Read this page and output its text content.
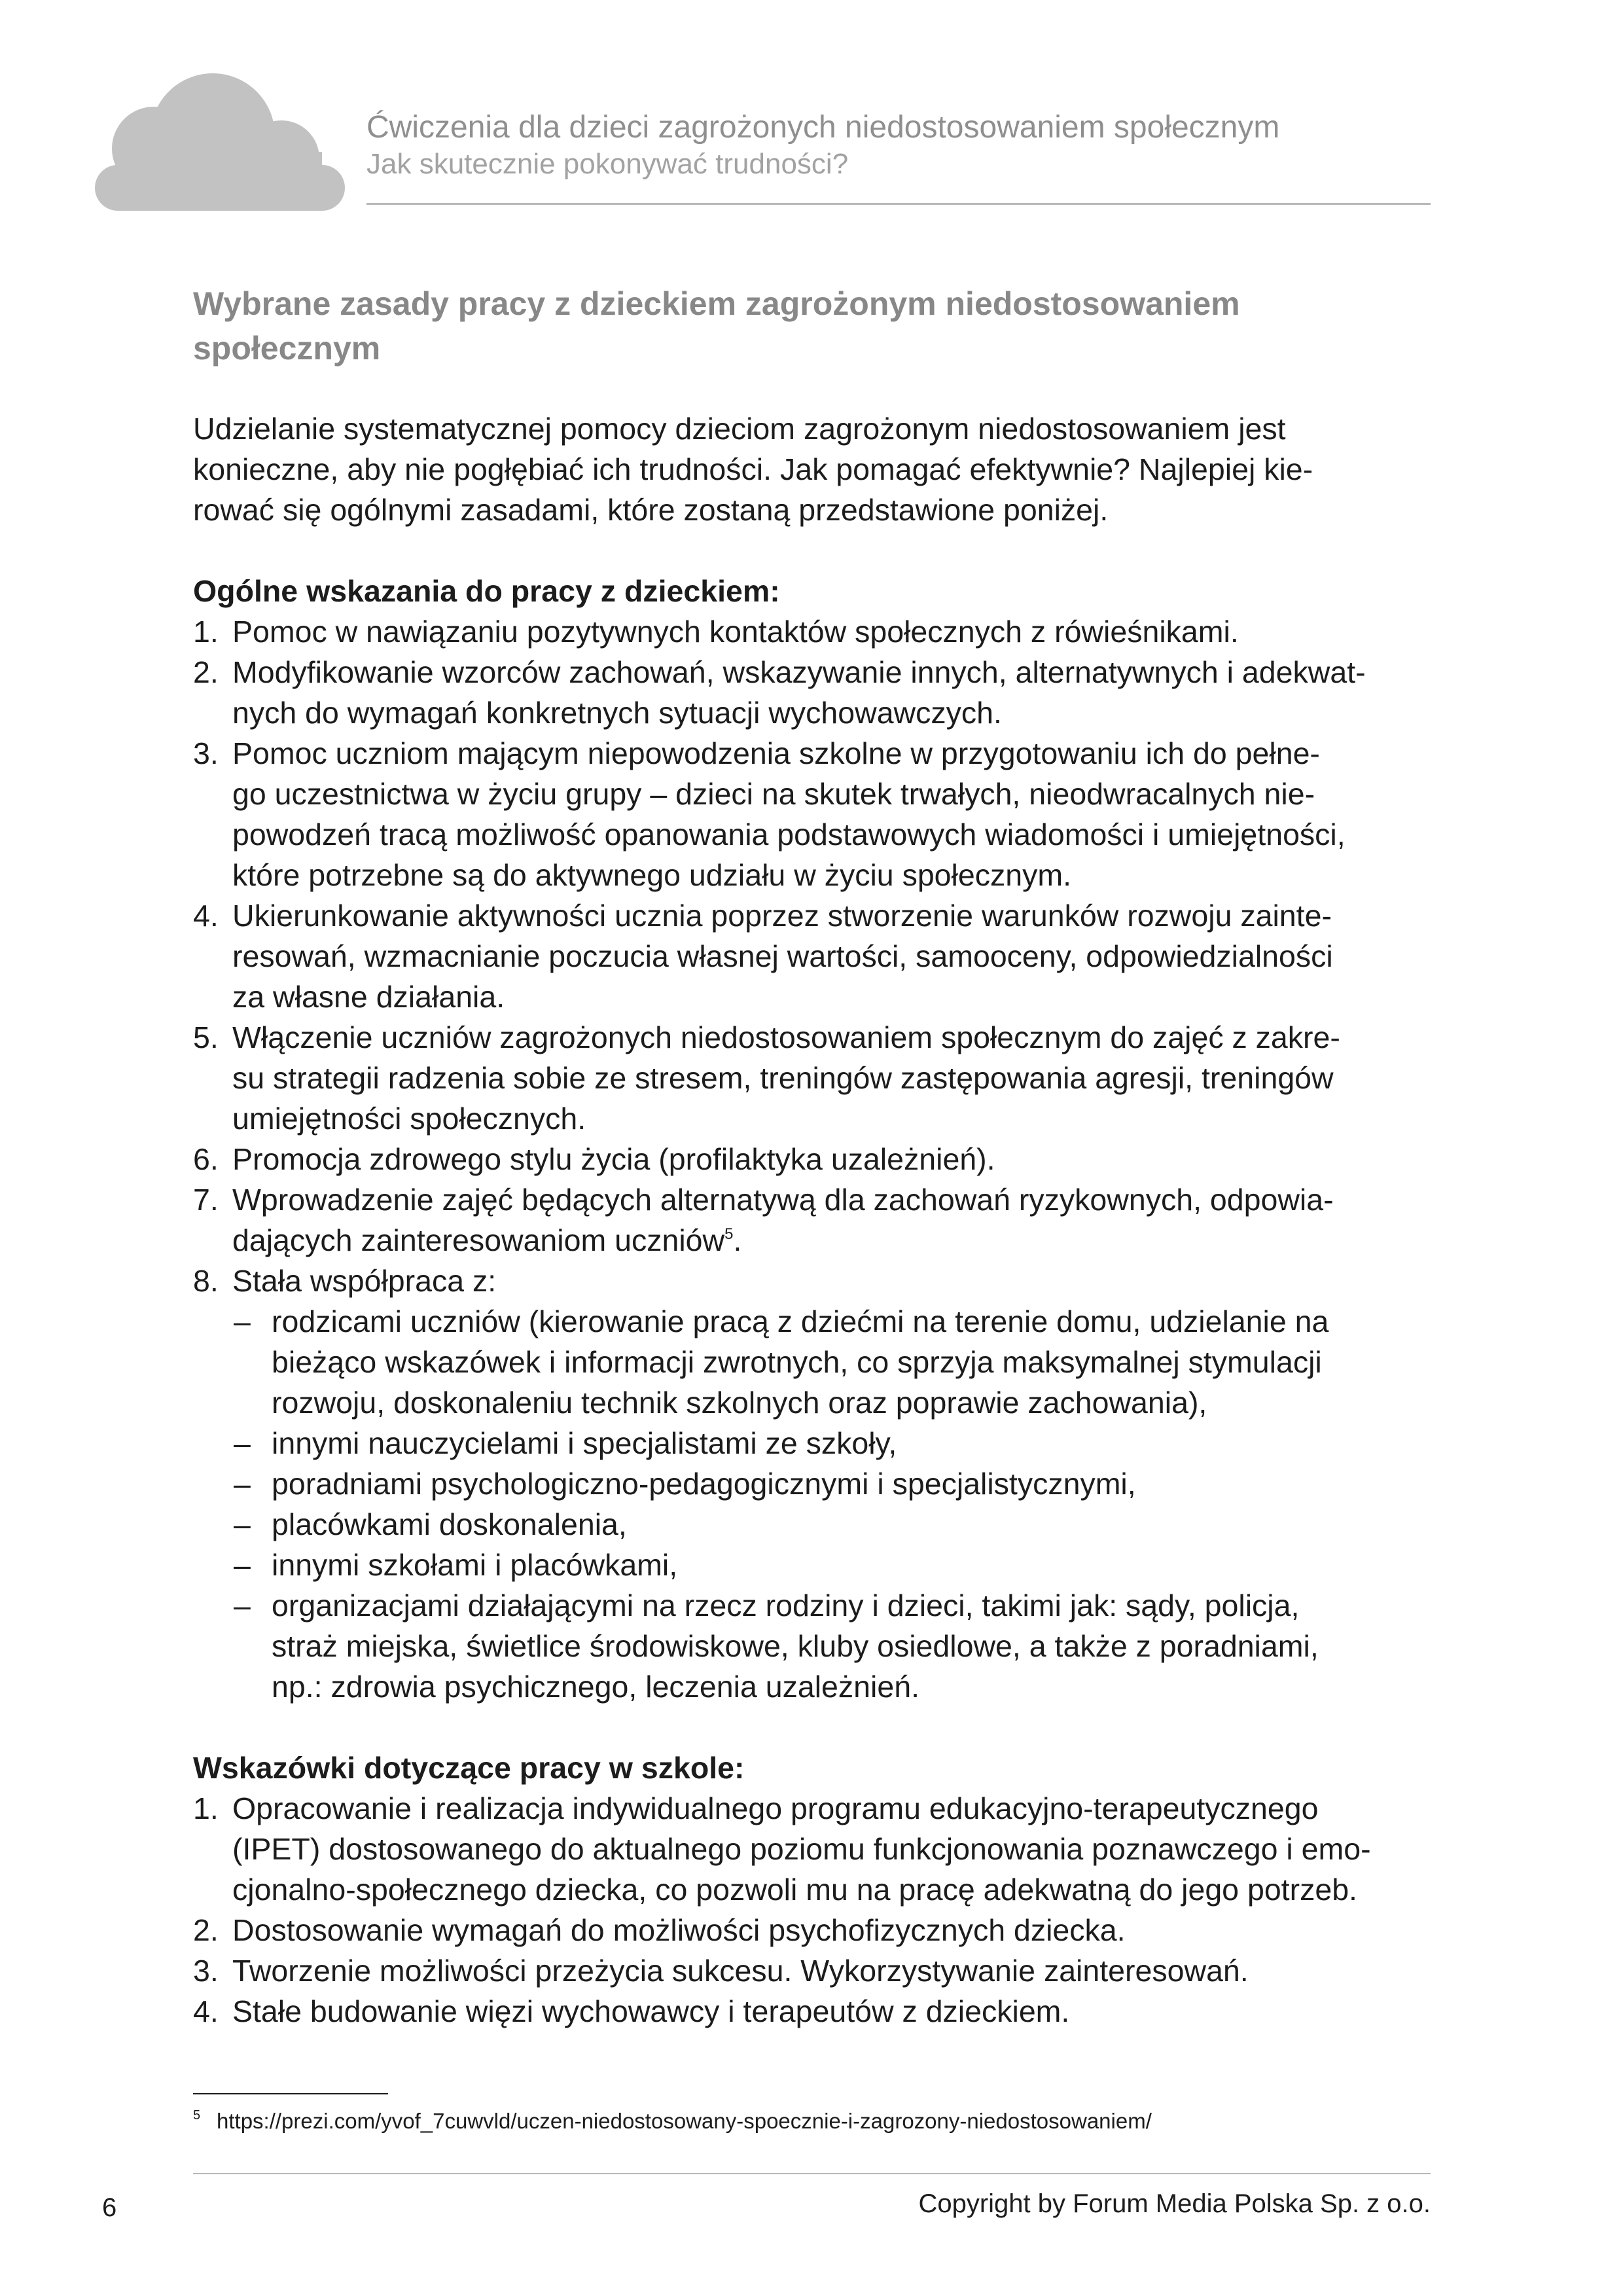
Ćwiczenia dla dzieci zagrożonych niedostosowaniem społecznym
Jak skutecznie pokonywać trudności?
Wybrane zasady pracy z dzieckiem zagrożonym niedostosowaniem
społecznym
Udzielanie systematycznej pomocy dzieciom zagrożonym niedostosowaniem jest
konieczne, aby nie pogłębiać ich trudności. Jak pomagać efektywnie? Najlepiej kie-
rować się ogólnymi zasadami, które zostaną przedstawione poniżej.
Ogólne wskazania do pracy z dzieckiem:
1. Pomoc w nawiązaniu pozytywnych kontaktów społecznych z rówieśnikami.
2. Modyfikowanie wzorców zachowań, wskazywanie innych, alternatywnych i adekwat-
nych do wymagań konkretnych sytuacji wychowawczych.
3. Pomoc uczniom mającym niepowodzenia szkolne w przygotowaniu ich do pełne-
go uczestnictwa w życiu grupy – dzieci na skutek trwałych, nieodwracalnych nie-
powodzeń tracą możliwość opanowania podstawowych wiadomości i umiejętności,
które potrzebne są do aktywnego udziału w życiu społecznym.
4. Ukierunkowanie aktywności ucznia poprzez stworzenie warunków rozwoju zainte-
resowań, wzmacnianie poczucia własnej wartości, samooceny, odpowiedzialności
za własne działania.
5. Włączenie uczniów zagrożonych niedostosowaniem społecznym do zajęć z zakre-
su strategii radzenia sobie ze stresem, treningów zastępowania agresji, treningów
umiejętności społecznych.
6. Promocja zdrowego stylu życia (profilaktyka uzależnień).
7. Wprowadzenie zajęć będących alternatywą dla zachowań ryzykownych, odpowia-
dających zainteresowaniom uczniów$^5$.
8. Stała współpraca z:
– rodzicami uczniów (kierowanie pracą z dziećmi na terenie domu, udzielanie na
bieżąco wskazówek i informacji zwrotnych, co sprzyja maksymalnej stymulacji
rozwoju, doskonaleniu technik szkolnych oraz poprawie zachowania),
– innymi nauczycielami i specjalistami ze szkoły,
– poradniami psychologiczno-pedagogicznymi i specjalistycznymi,
– placówkami doskonalenia,
– innymi szkołami i placówkami,
– organizacjami działającymi na rzecz rodziny i dzieci, takimi jak: sądy, policja,
straż miejska, świetlice środowiskowe, kluby osiedlowe, a także z poradniami,
np.: zdrowia psychicznego, leczenia uzależnień.
Wskazówki dotyczące pracy w szkole:
1. Opracowanie i realizacja indywidualnego programu edukacyjno-terapeutycznego
(IPET) dostosowanego do aktualnego poziomu funkcjonowania poznawczego i emo-
cjonalno-społecznego dziecka, co pozwoli mu na pracę adekwatną do jego potrzeb.
2. Dostosowanie wymagań do możliwości psychofizycznych dziecka.
3. Tworzenie możliwości przeżycia sukcesu. Wykorzystywanie zainteresowań.
4. Stałe budowanie więzi wychowawcy i terapeutów z dzieckiem.
5 https://prezi.com/yvof_7cuwvld/uczen-niedostosowany-spoecznie-i-zagrozony-niedostosowaniem/
6	Copyright by Forum Media Polska Sp. z o.o.
